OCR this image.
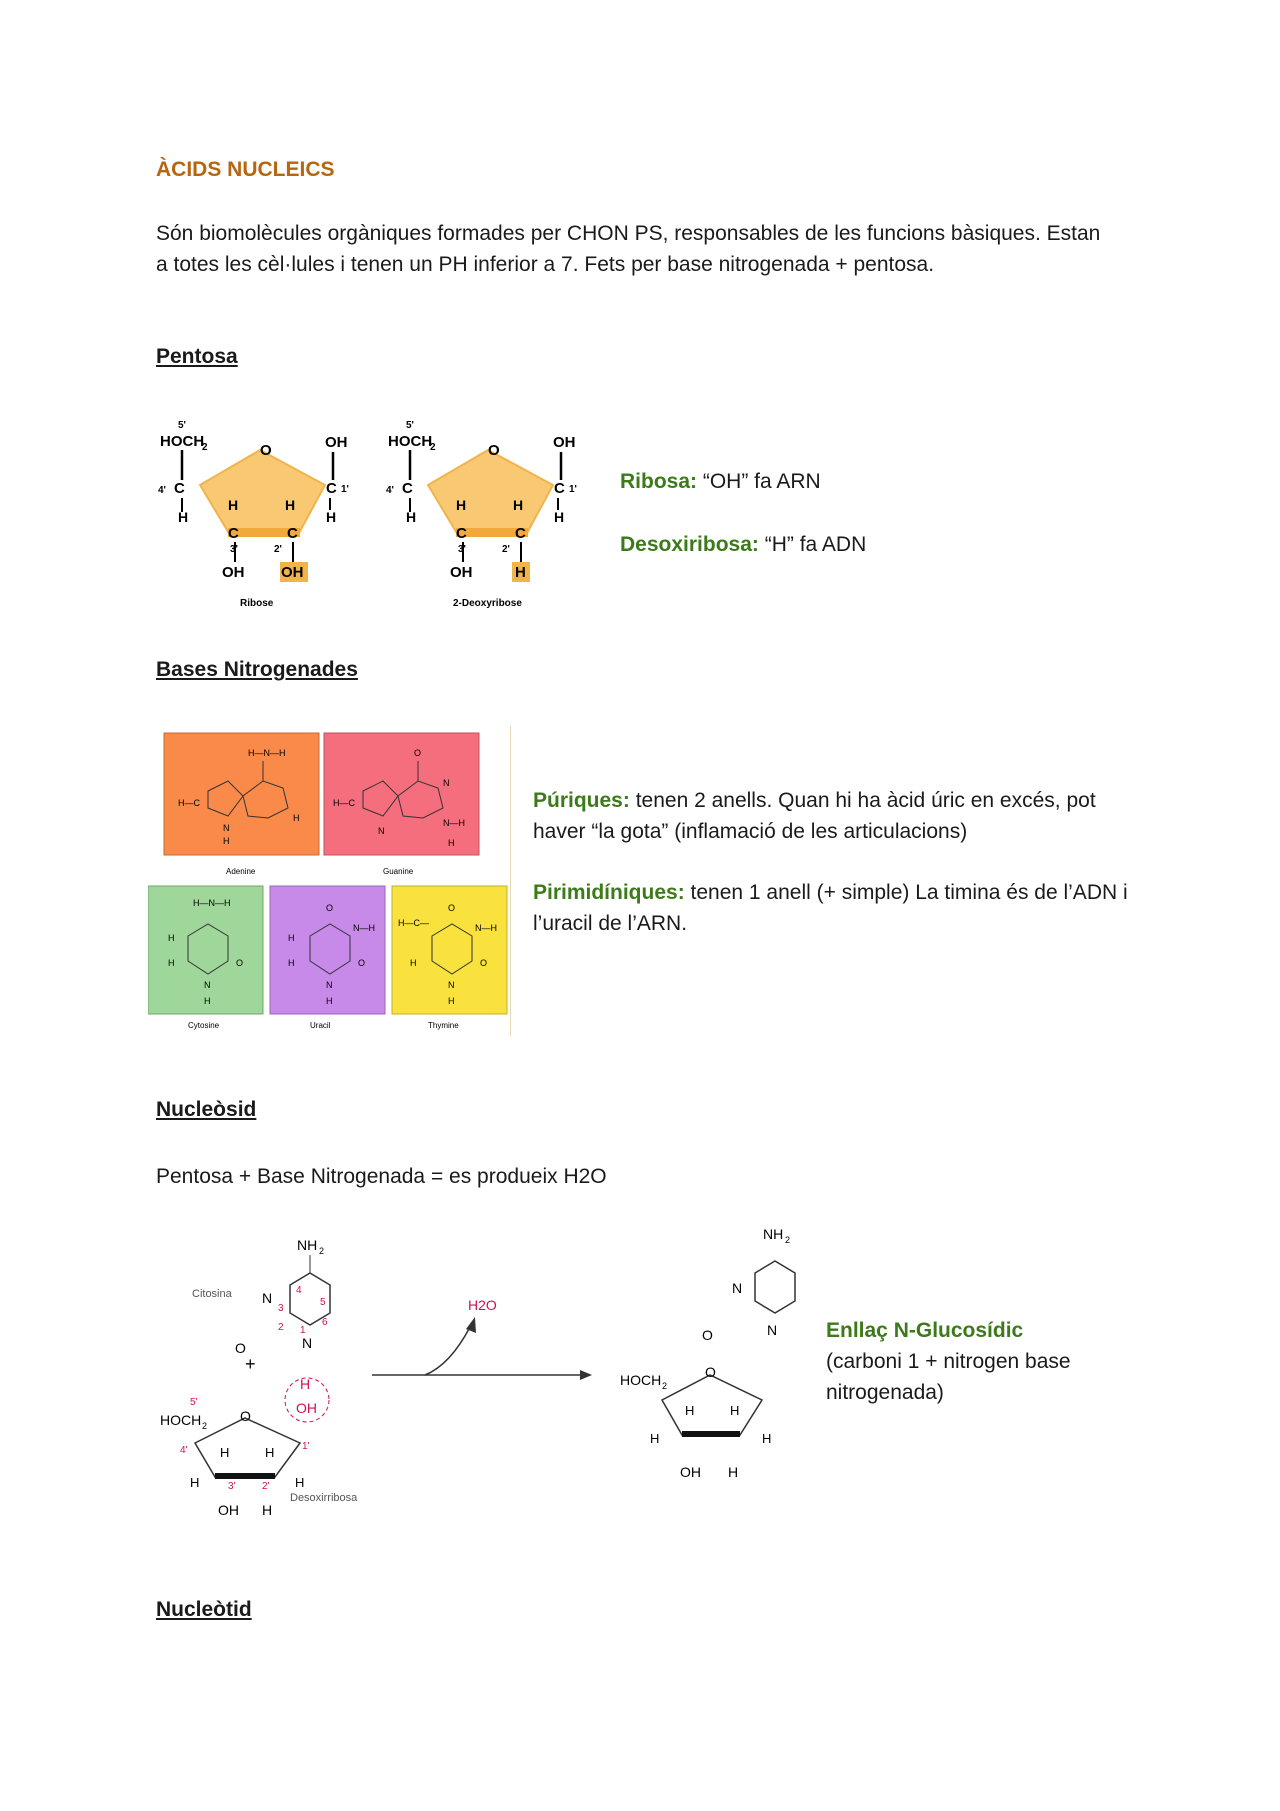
ÀCIDS NUCLEICS
Són biomolècules orgàniques formades per CHON PS, responsables de les funcions bàsiques. Estan a totes les cèl·lules i tenen un PH inferior a 7. Fets per base nitrogenada + pentosa.
Pentosa
5'
HOCH
2	O	OH
C
4'	C 1'
H	H
H	H
C	C
3'	2'
OH OH
Ribose
5'
HOCH
2	O	OH
C
4'	C 1'
H	H
H	H
C	C
3'	2'
OH	H
2-Deoxyribose
Ribosa: “OH” fa ARN
Desoxiribosa: “H” fa ADN
Bases Nitrogenades
H—N—H
H—C
H
N
H
Adenine
O
H—C
N—H
N
N
H
Guanine
H—N—H
H
H	O
N
H
Cytosine
O
N—H
H
H	O
N
H
Uracil
O
H—C—	N—H
H	O
N
H
Thymine
Púriques: tenen 2 anells. Quan hi ha àcid úric en excés, pot haver “la gota” (inflamació de les articulacions)
Pirimidíniques: tenen 1 anell (+ simple) La timina és de l’ADN i l’uracil de l’ARN.
Nucleòsid
Pentosa + Base Nitrogenada = es produeix H2O
NH 2
Citosina N
N
O
+
4
3
2
5
6
1
H
OH
5'
HOCH 2
O
4'	1'
H	H
H	H
3'	2'
OH H
Desoxirribosa
H2O
NH 2
N
N
O
HOCH 2
O
H	H
H	H
OH H
Enllaç N-Glucosídic
(carboni 1 + nitrogen base nitrogenada)
Nucleòtid
